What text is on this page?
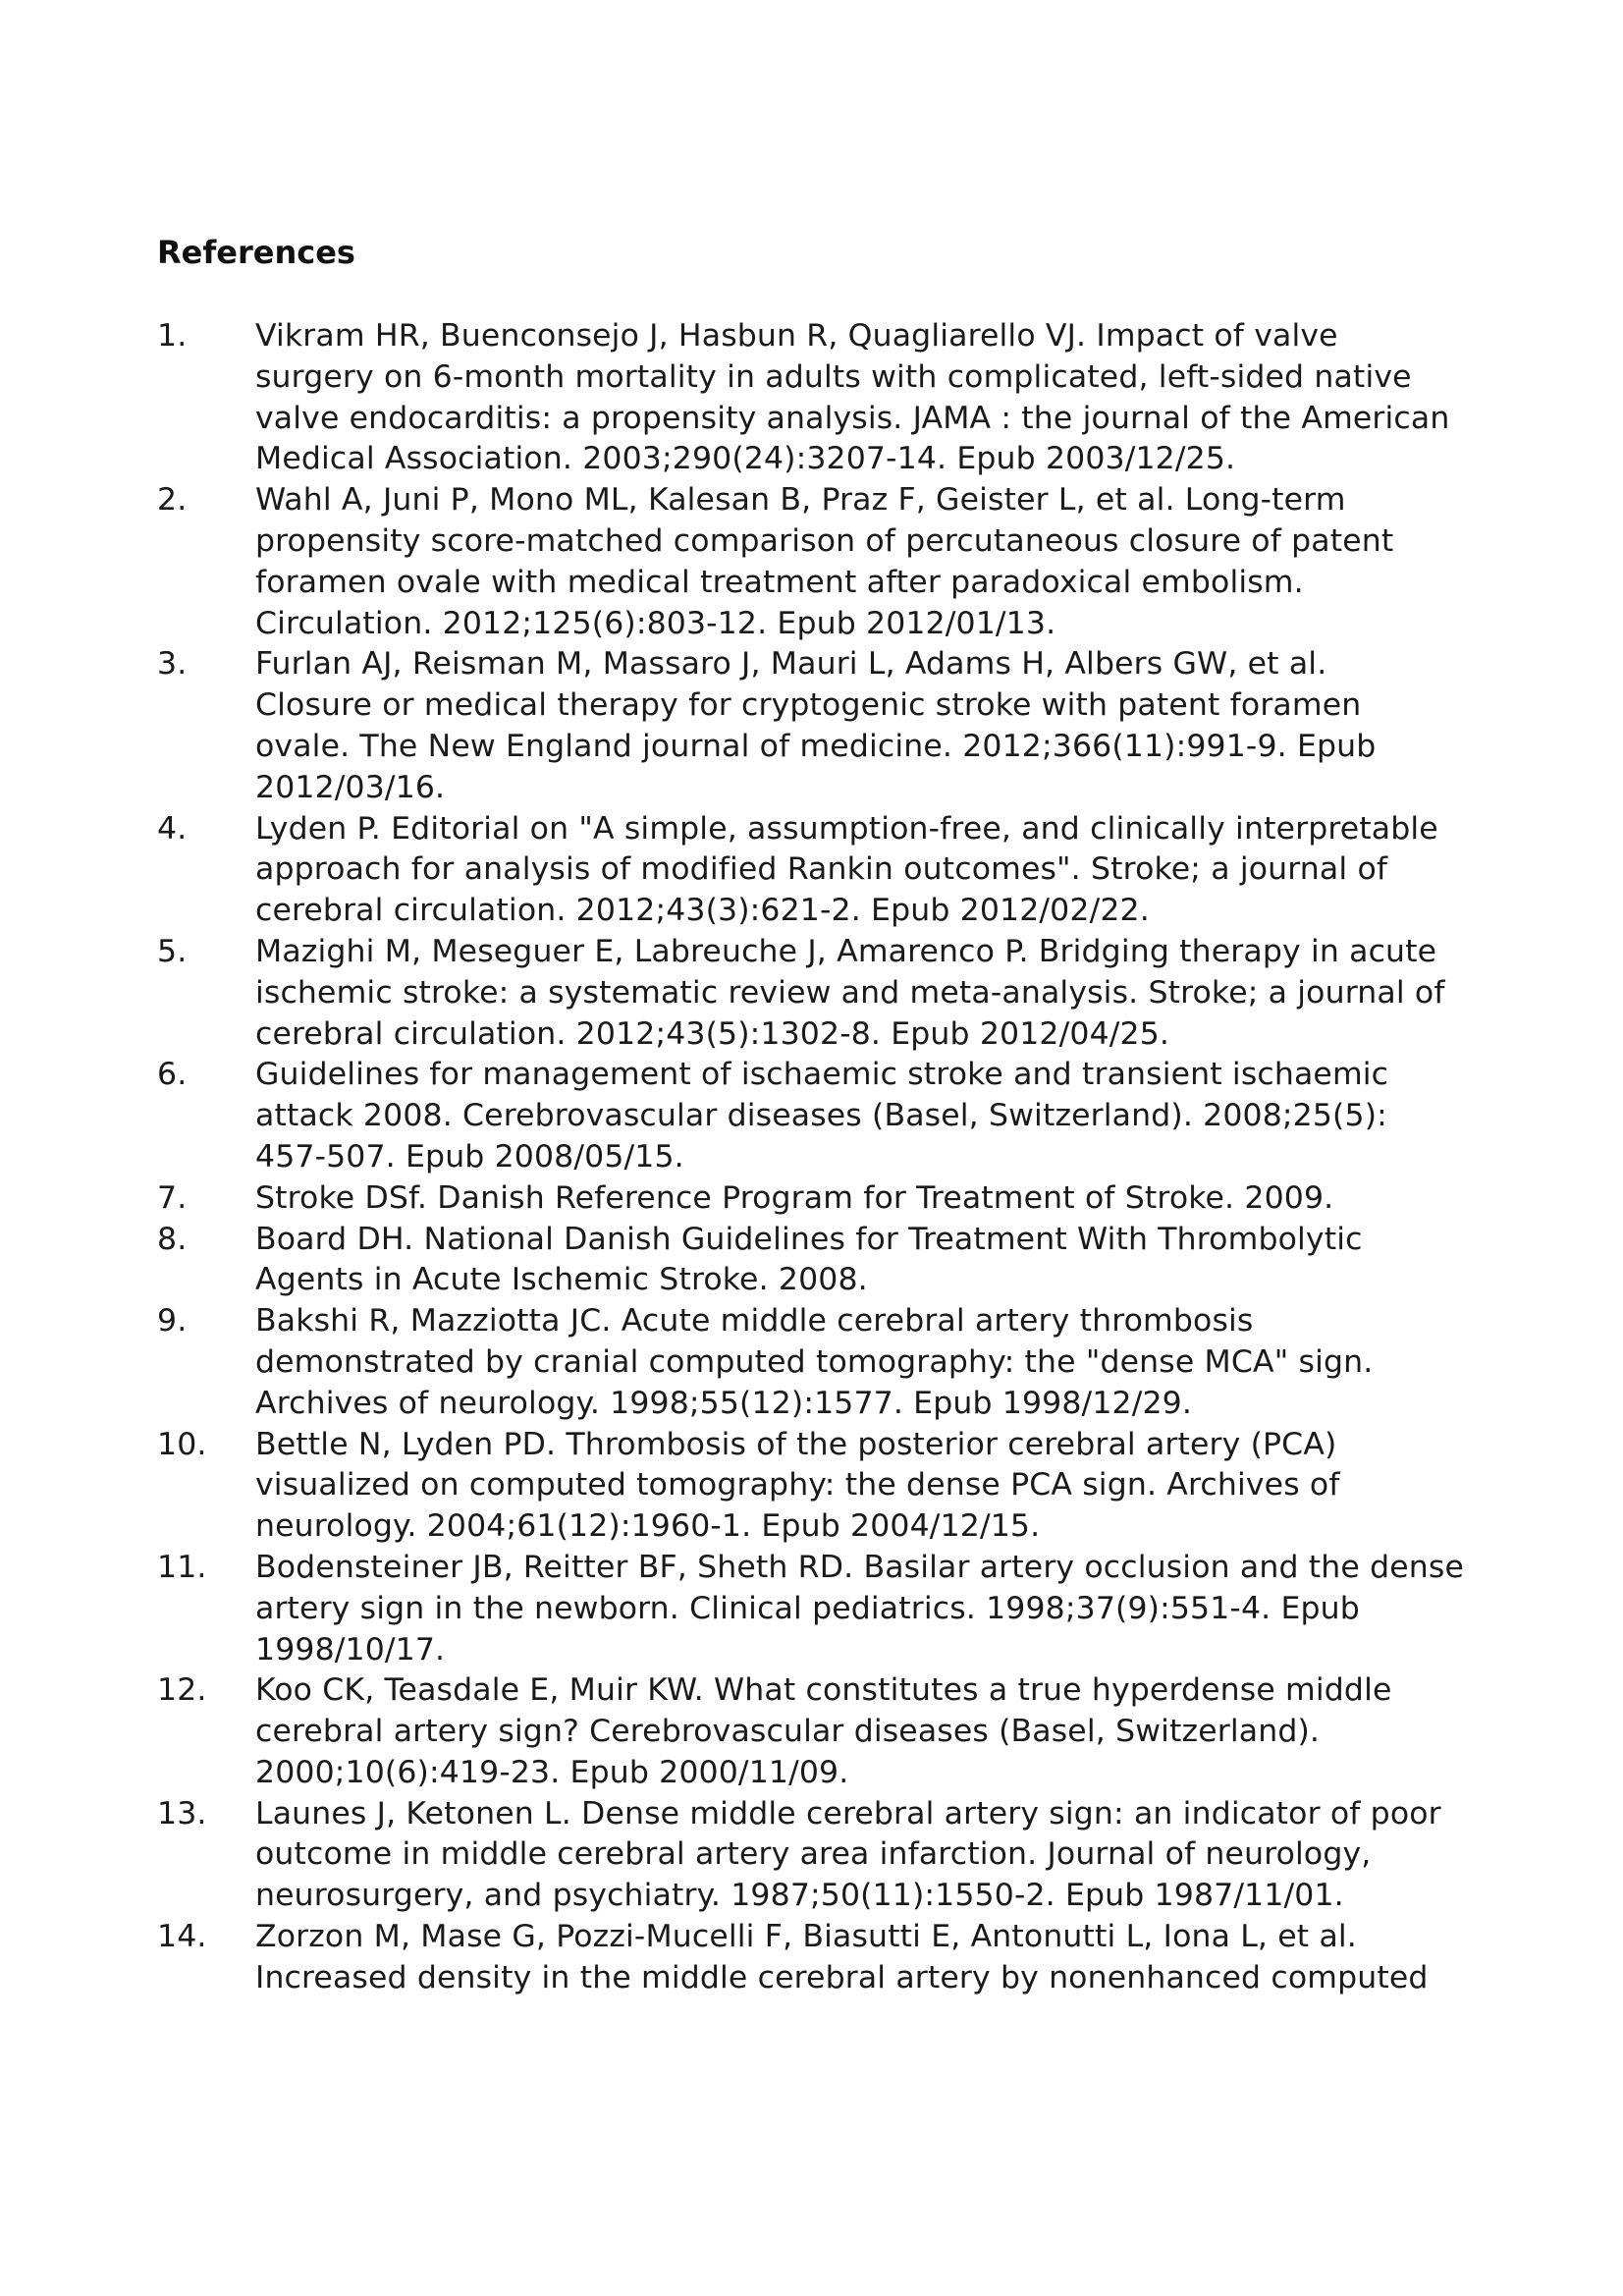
References
1.	Vikram HR, Buenconsejo J, Hasbun R, Quagliarello VJ. Impact of valve
surgery on 6-month mortality in adults with complicated, left-sided native
valve endocarditis: a propensity analysis. JAMA : the journal of the American
Medical Association. 2003;290(24):3207-14. Epub 2003/12/25.
2.	Wahl A, Juni P, Mono ML, Kalesan B, Praz F, Geister L, et al. Long-term
propensity score-matched comparison of percutaneous closure of patent
foramen ovale with medical treatment after paradoxical embolism.
Circulation. 2012;125(6):803-12. Epub 2012/01/13.
3.	Furlan AJ, Reisman M, Massaro J, Mauri L, Adams H, Albers GW, et al.
Closure or medical therapy for cryptogenic stroke with patent foramen
ovale. The New England journal of medicine. 2012;366(11):991-9. Epub
2012/03/16.
4.	Lyden P. Editorial on "A simple, assumption-free, and clinically interpretable
approach for analysis of modified Rankin outcomes". Stroke; a journal of
cerebral circulation. 2012;43(3):621-2. Epub 2012/02/22.
5.	Mazighi M, Meseguer E, Labreuche J, Amarenco P. Bridging therapy in acute
ischemic stroke: a systematic review and meta-analysis. Stroke; a journal of
cerebral circulation. 2012;43(5):1302-8. Epub 2012/04/25.
6.	Guidelines for management of ischaemic stroke and transient ischaemic
attack 2008. Cerebrovascular diseases (Basel, Switzerland). 2008;25(5):
457-507. Epub 2008/05/15.
7.	Stroke DSf. Danish Reference Program for Treatment of Stroke. 2009.
8.	Board DH. National Danish Guidelines for Treatment With Thrombolytic
Agents in Acute Ischemic Stroke. 2008.
9.	Bakshi R, Mazziotta JC. Acute middle cerebral artery thrombosis
demonstrated by cranial computed tomography: the "dense MCA" sign.
Archives of neurology. 1998;55(12):1577. Epub 1998/12/29.
10.	Bettle N, Lyden PD. Thrombosis of the posterior cerebral artery (PCA)
visualized on computed tomography: the dense PCA sign. Archives of
neurology. 2004;61(12):1960-1. Epub 2004/12/15.
11.	Bodensteiner JB, Reitter BF, Sheth RD. Basilar artery occlusion and the dense
artery sign in the newborn. Clinical pediatrics. 1998;37(9):551-4. Epub
1998/10/17.
12.	Koo CK, Teasdale E, Muir KW. What constitutes a true hyperdense middle
cerebral artery sign? Cerebrovascular diseases (Basel, Switzerland).
2000;10(6):419-23. Epub 2000/11/09.
13.	Launes J, Ketonen L. Dense middle cerebral artery sign: an indicator of poor
outcome in middle cerebral artery area infarction. Journal of neurology,
neurosurgery, and psychiatry. 1987;50(11):1550-2. Epub 1987/11/01.
14.	Zorzon M, Mase G, Pozzi-Mucelli F, Biasutti E, Antonutti L, Iona L, et al.
Increased density in the middle cerebral artery by nonenhanced computed
